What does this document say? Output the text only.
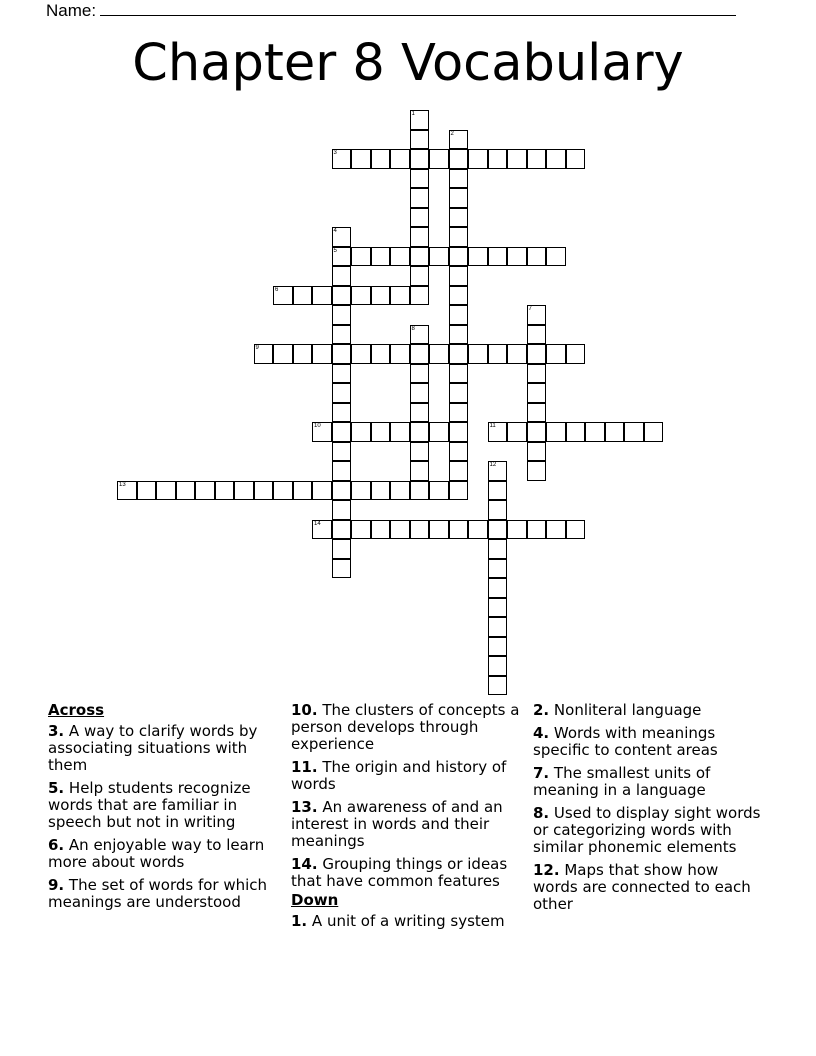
Name:
Chapter 8 Vocabulary
1
2
3
4
5
6
7
8
9
10	11
12
13
14
Across
3. A way to clarify words by associating situations with them
5. Help students recognize words that are familiar in speech but not in writing
6. An enjoyable way to learn more about words
9. The set of words for which meanings are understood
10. The clusters of concepts a person develops through experience
11. The origin and history of words
13. An awareness of and an interest in words and their meanings
14. Grouping things or ideas that have common features
Down
1. A unit of a writing system
2. Nonliteral language
4. Words with meanings specific to content areas
7. The smallest units of meaning in a language
8. Used to display sight words or categorizing words with similar phonemic elements
12. Maps that show how words are connected to each other
